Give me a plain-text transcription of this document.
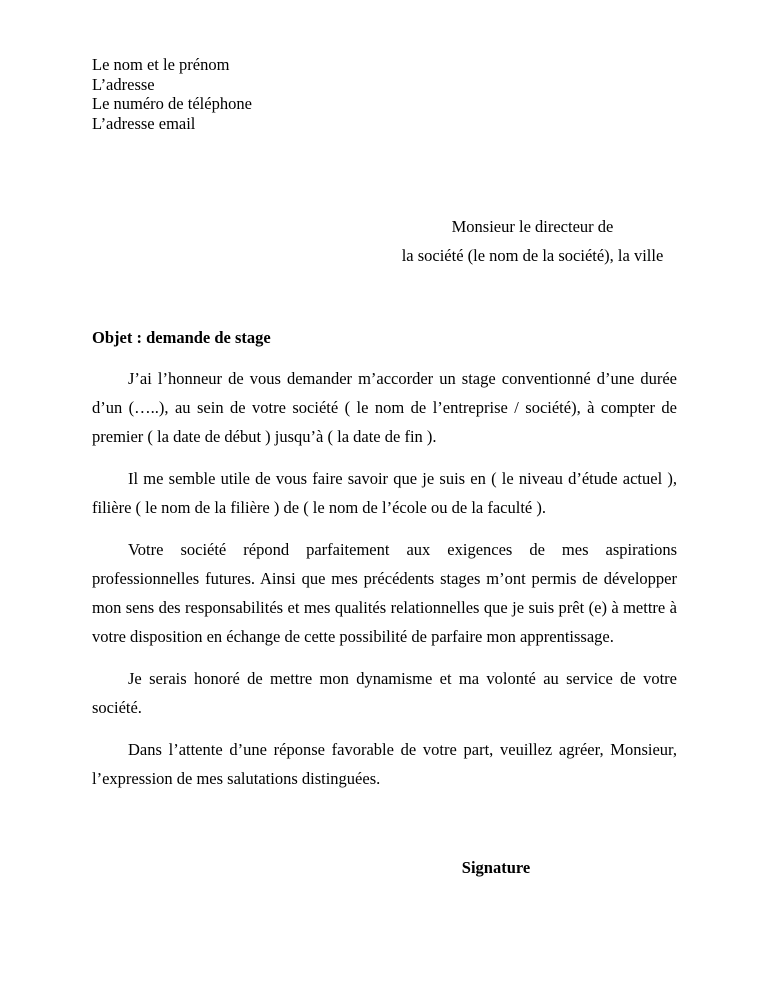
Le nom et le prénom
L’adresse
Le numéro de téléphone
L’adresse email
Monsieur le directeur de
la société (le nom de la société), la ville
Objet : demande de stage

J’ai l’honneur de vous demander m’accorder un stage conventionné d’une durée d’un (…..), au sein de votre société ( le nom de l’entreprise / société), à compter de premier ( la date de début ) jusqu’à ( la date de fin ).

Il me semble utile de vous faire savoir que je suis en ( le niveau d’étude actuel ), filière ( le nom de la filière ) de ( le nom de l’école ou de la faculté ).

Votre société répond parfaitement aux exigences de mes aspirations professionnelles futures. Ainsi que mes précédents stages m’ont permis de développer mon sens des responsabilités et mes qualités relationnelles que je suis prêt (e) à mettre à votre disposition en échange de cette possibilité de parfaire mon apprentissage.

Je serais honoré de mettre mon dynamisme et ma volonté au service de votre société.

Dans l’attente d’une réponse favorable de votre part, veuillez agréer, Monsieur, l’expression de mes salutations distinguées.

Signature
